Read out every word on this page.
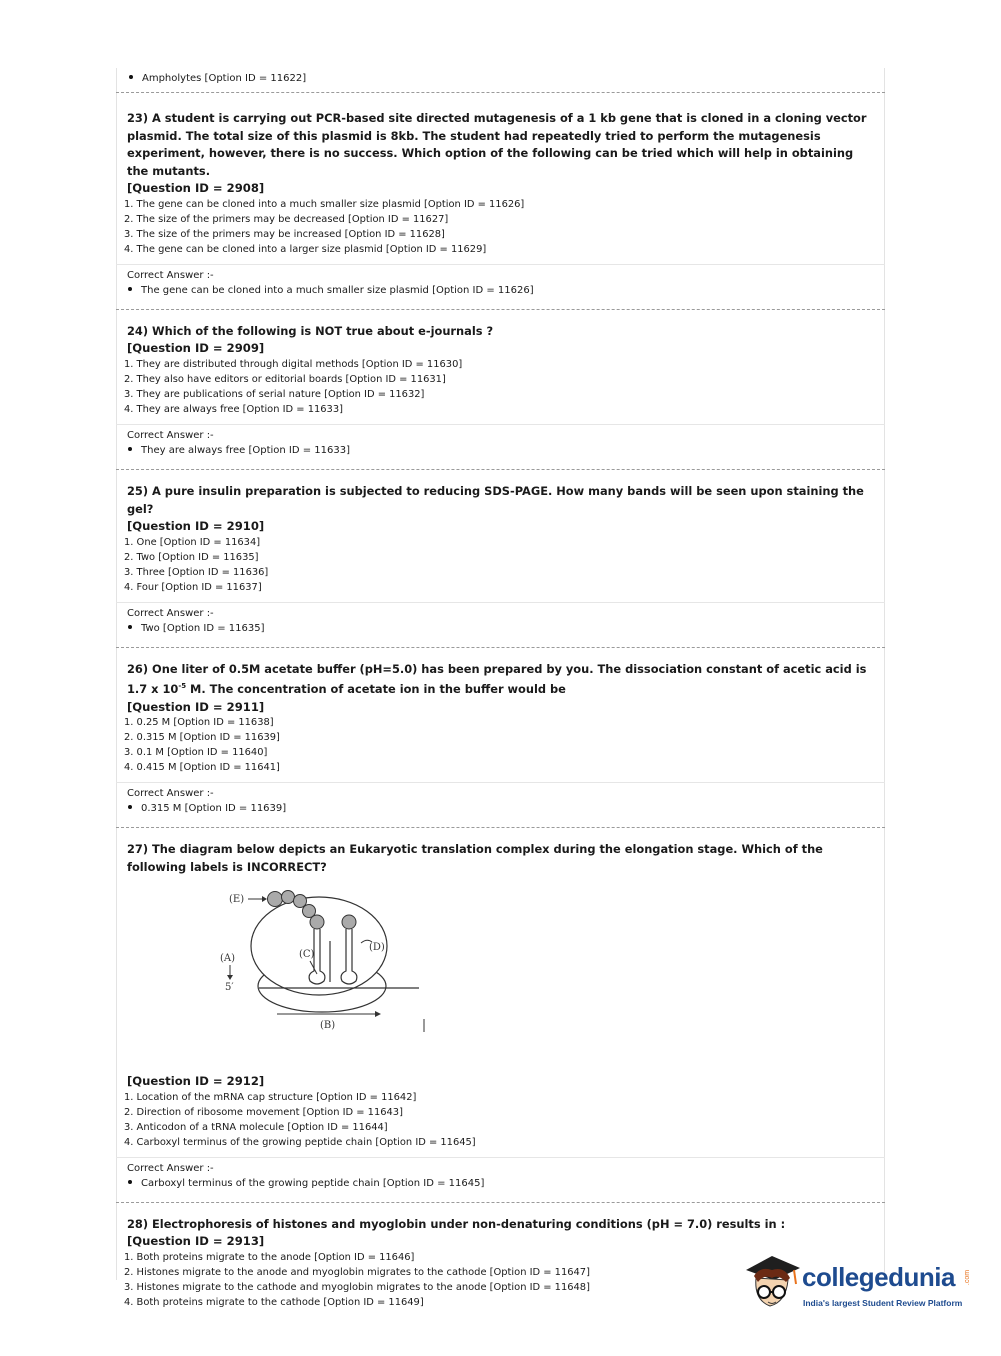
Ampholytes [Option ID = 11622]

23) A student is carrying out PCR-based site directed mutagenesis of a 1 kb gene that is cloned in a cloning vector plasmid. The total size of this plasmid is 8kb. The student had repeatedly tried to perform the mutagenesis experiment, however, there is no success. Which option of the following can be tried which will help in obtaining the mutants.

[Question ID = 2908]

1. The gene can be cloned into a much smaller size plasmid [Option ID = 11626]
2. The size of the primers may be decreased [Option ID = 11627]
3. The size of the primers may be increased [Option ID = 11628]
4. The gene can be cloned into a larger size plasmid [Option ID = 11629]
Correct Answer :-
The gene can be cloned into a much smaller size plasmid [Option ID = 11626]

24) Which of the following is NOT true about e-journals ?

[Question ID = 2909]

1. They are distributed through digital methods [Option ID = 11630]
2. They also have editors or editorial boards [Option ID = 11631]
3. They are publications of serial nature [Option ID = 11632]
4. They are always free [Option ID = 11633]
Correct Answer :-
They are always free [Option ID = 11633]

25) A pure insulin preparation is subjected to reducing SDS-PAGE. How many bands will be seen upon staining the gel?

[Question ID = 2910]

1. One [Option ID = 11634]
2. Two [Option ID = 11635]
3. Three [Option ID = 11636]
4. Four [Option ID = 11637]
Correct Answer :-
Two [Option ID = 11635]

26) One liter of 0.5M acetate buffer (pH=5.0) has been prepared by you. The dissociation constant of acetic acid is 1.7 x $10^{-5}$ M. The concentration of acetate ion in the buffer would be

[Question ID = 2911]

1. 0.25 M [Option ID = 11638]
2. 0.315 M [Option ID = 11639]
3. 0.1 M [Option ID = 11640]
4. 0.415 M [Option ID = 11641]
Correct Answer :-
0.315 M [Option ID = 11639]

27) The diagram below depicts an Eukaryotic translation complex during the elongation stage. Which of the following labels is INCORRECT?

(E)
(D)
(C)
(A)
5′
(B)

[Question ID = 2912]

1. Location of the mRNA cap structure [Option ID = 11642]
2. Direction of ribosome movement [Option ID = 11643]
3. Anticodon of a tRNA molecule [Option ID = 11644]
4. Carboxyl terminus of the growing peptide chain [Option ID = 11645]
Correct Answer :-
Carboxyl terminus of the growing peptide chain [Option ID = 11645]

28) Electrophoresis of histones and myoglobin under non-denaturing conditions (pH = 7.0) results in :

[Question ID = 2913]

1. Both proteins migrate to the anode [Option ID = 11646]
2. Histones migrate to the anode and myoglobin migrates to the cathode [Option ID = 11647]
3. Histones migrate to the cathode and myoglobin migrates to the anode [Option ID = 11648]
4. Both proteins migrate to the cathode [Option ID = 11649]
collegedunia .com
India's largest Student Review Platform
